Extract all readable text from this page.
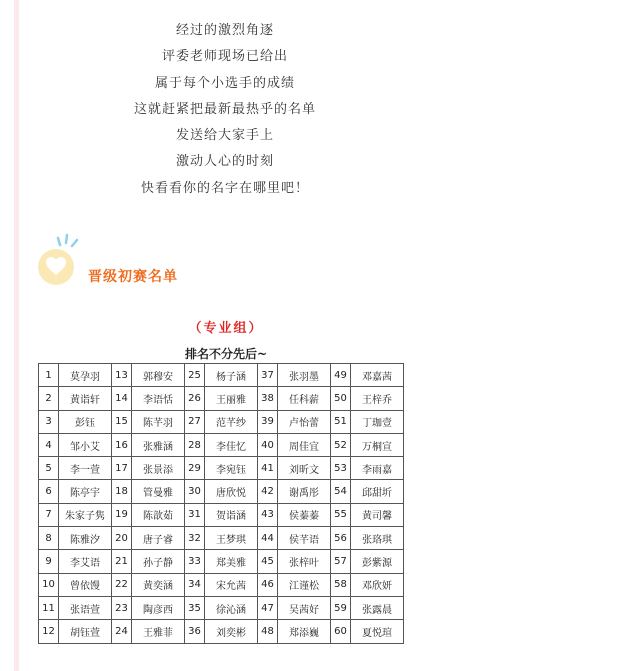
经过的激烈角逐
评委老师现场已给出
属于每个小选手的成绩
这就赶紧把最新最热乎的名单
发送给大家手上
激动人心的时刻
快看看你的名字在哪里吧！
晋级初赛名单
（专业组）
排名不分先后~
1	莫孕羽	13	郭穆安	25	杨子涵	37	张羽墨	49	邓嘉茜
2	黄诣轩	14	李语恬	26	王丽雅	38	任科薪	50	王梓乔
3	彭钰	15	陈芊羽	27	范芊纱	39	卢怡蕾	51	丁珈壹
4	邹小艾	16	张雅涵	28	李佳忆	40	周佳宜	52	万桐宣
5	李一萱	17	张景添	29	李宛钰	41	刘昕文	53	李雨嘉
6	陈亭宇	18	管曼雅	30	唐欣悦	42	谢禹彤	54	邱甜圻
7	朱家子隽	19	陈歆茹	31	贺诣涵	43	侯蓁蓁	55	黄司馨
8	陈雅汐	20	唐子睿	32	王梦琪	44	侯芊语	56	张珞琪
9	李艾语	21	孙子静	33	郑美雅	45	张梓叶	57	彭紫源
10	曾依馒	22	黄奕涵	34	宋允茜	46	江谨松	58	邓欣妍
11	张语萱	23	陶彦西	35	徐沁涵	47	吴茜好	59	张露晨
12	胡钰萱	24	王雅菲	36	刘奕彬	48	郑添巍	60	夏悦瑄
